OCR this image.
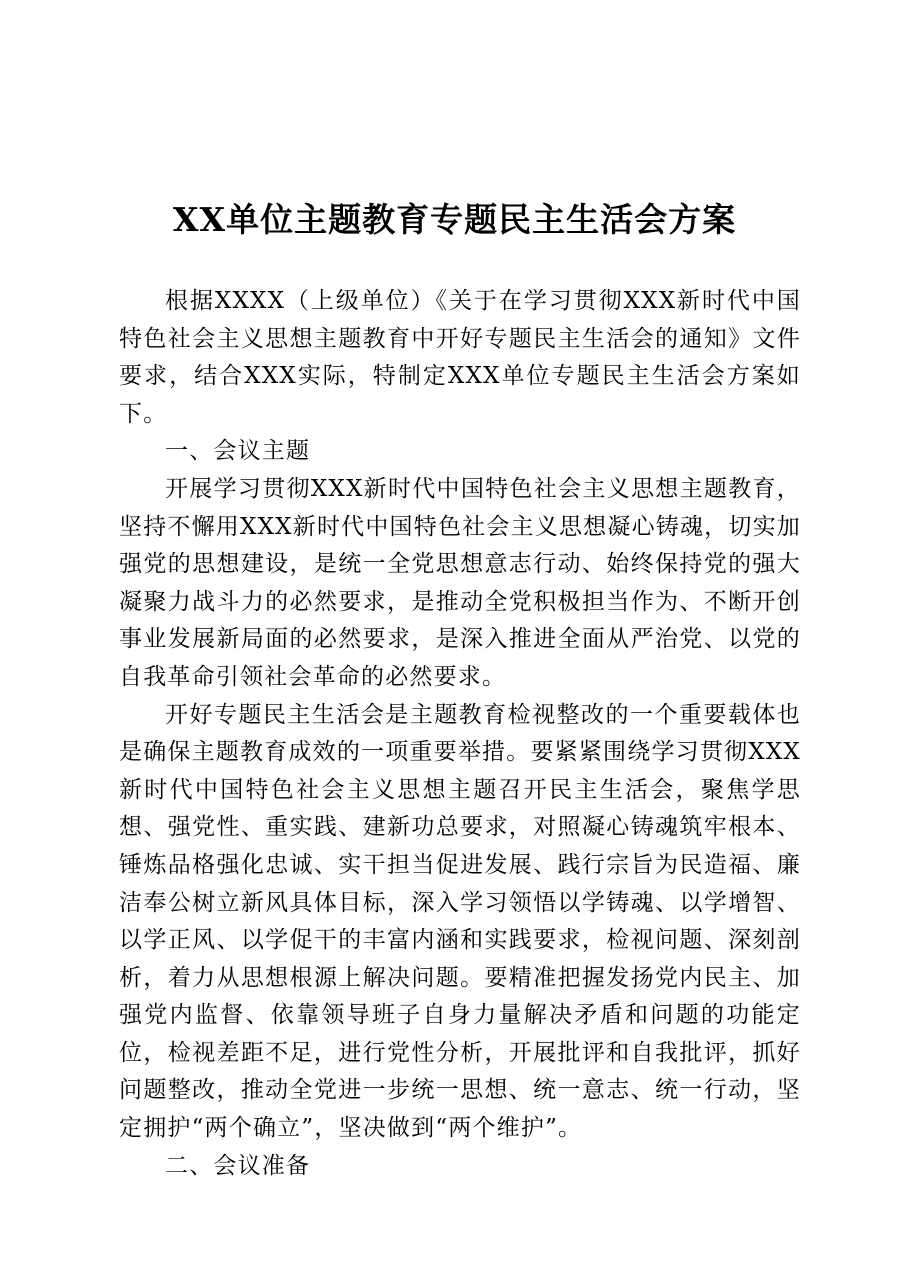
XX单位主题教育专题民主生活会方案

根据XXXX（上级单位）《关于在学习贯彻XXX新时代中国特色社会主义思想主题教育中开好专题民主生活会的通知》文件要求，结合XXX实际，特制定XXX单位专题民主生活会方案如下。

一、会议主题

开展学习贯彻XXX新时代中国特色社会主义思想主题教育，坚持不懈用XXX新时代中国特色社会主义思想凝心铸魂，切实加强党的思想建设，是统一全党思想意志行动、始终保持党的强大凝聚力战斗力的必然要求，是推动全党积极担当作为、不断开创事业发展新局面的必然要求，是深入推进全面从严治党、以党的自我革命引领社会革命的必然要求。

开好专题民主生活会是主题教育检视整改的一个重要载体也是确保主题教育成效的一项重要举措。要紧紧围绕学习贯彻XXX新时代中国特色社会主义思想主题召开民主生活会，聚焦学思想、强党性、重实践、建新功总要求，对照凝心铸魂筑牢根本、锤炼品格强化忠诚、实干担当促进发展、践行宗旨为民造福、廉洁奉公树立新风具体目标，深入学习领悟以学铸魂、以学增智、以学正风、以学促干的丰富内涵和实践要求，检视问题、深刻剖析，着力从思想根源上解决问题。要精准把握发扬党内民主、加强党内监督、依靠领导班子自身力量解决矛盾和问题的功能定位，检视差距不足，进行党性分析，开展批评和自我批评，抓好问题整改，推动全党进一步统一思想、统一意志、统一行动，坚定拥护“两个确立”，坚决做到“两个维护”。

二、会议准备
